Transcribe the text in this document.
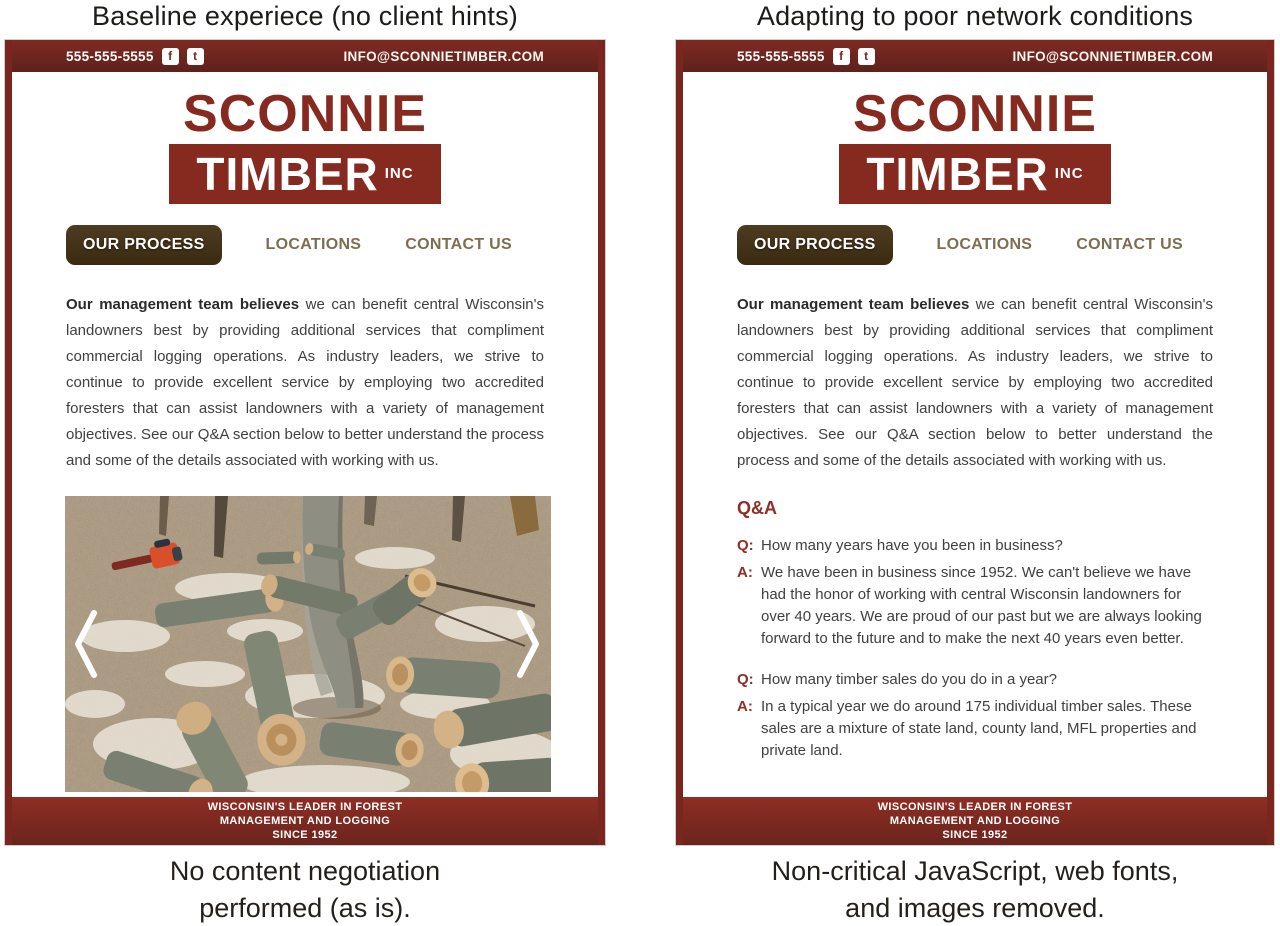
Baseline experiece (no client hints)	Adapting to poor network conditions
555-555-5555	f	t	INFO@SCONNIETIMBER.COM
SCONNIE
TIMBER INC
OUR PROCESS	LOCATIONS	CONTACT US

Our management team believes we can benefit central Wisconsin's landowners best by providing additional services that compliment commercial logging operations. As industry leaders, we strive to continue to provide excellent service by employing two accredited foresters that can assist landowners with a variety of management objectives. See our Q&A section below to better understand the process and some of the details associated with working with us.

WISCONSIN'S LEADER IN FOREST
MANAGEMENT AND LOGGING
SINCE 1952
555-555-5555	f	t	INFO@SCONNIETIMBER.COM
SCONNIE
TIMBER INC
OUR PROCESS	LOCATIONS	CONTACT US

Our management team believes we can benefit central Wisconsin's landowners best by providing additional services that compliment commercial logging operations. As industry leaders, we strive to continue to provide excellent service by employing two accredited foresters that can assist landowners with a variety of management objectives. See our Q&A section below to better understand the process and some of the details associated with working with us.

Q&A
Q: How many years have you been in business?
A: We have been in business since 1952. We can't believe we have had the honor of working with central Wisconsin landowners for over 40 years. We are proud of our past but we are always looking forward to the future and to make the next 40 years even better.
Q: How many timber sales do you do in a year?
A: In a typical year we do around 175 individual timber sales. These sales are a mixture of state land, county land, MFL properties and private land.
WISCONSIN'S LEADER IN FOREST
MANAGEMENT AND LOGGING
SINCE 1952
No content negotiation
performed (as is).
Non-critical JavaScript, web fonts,
and images removed.
